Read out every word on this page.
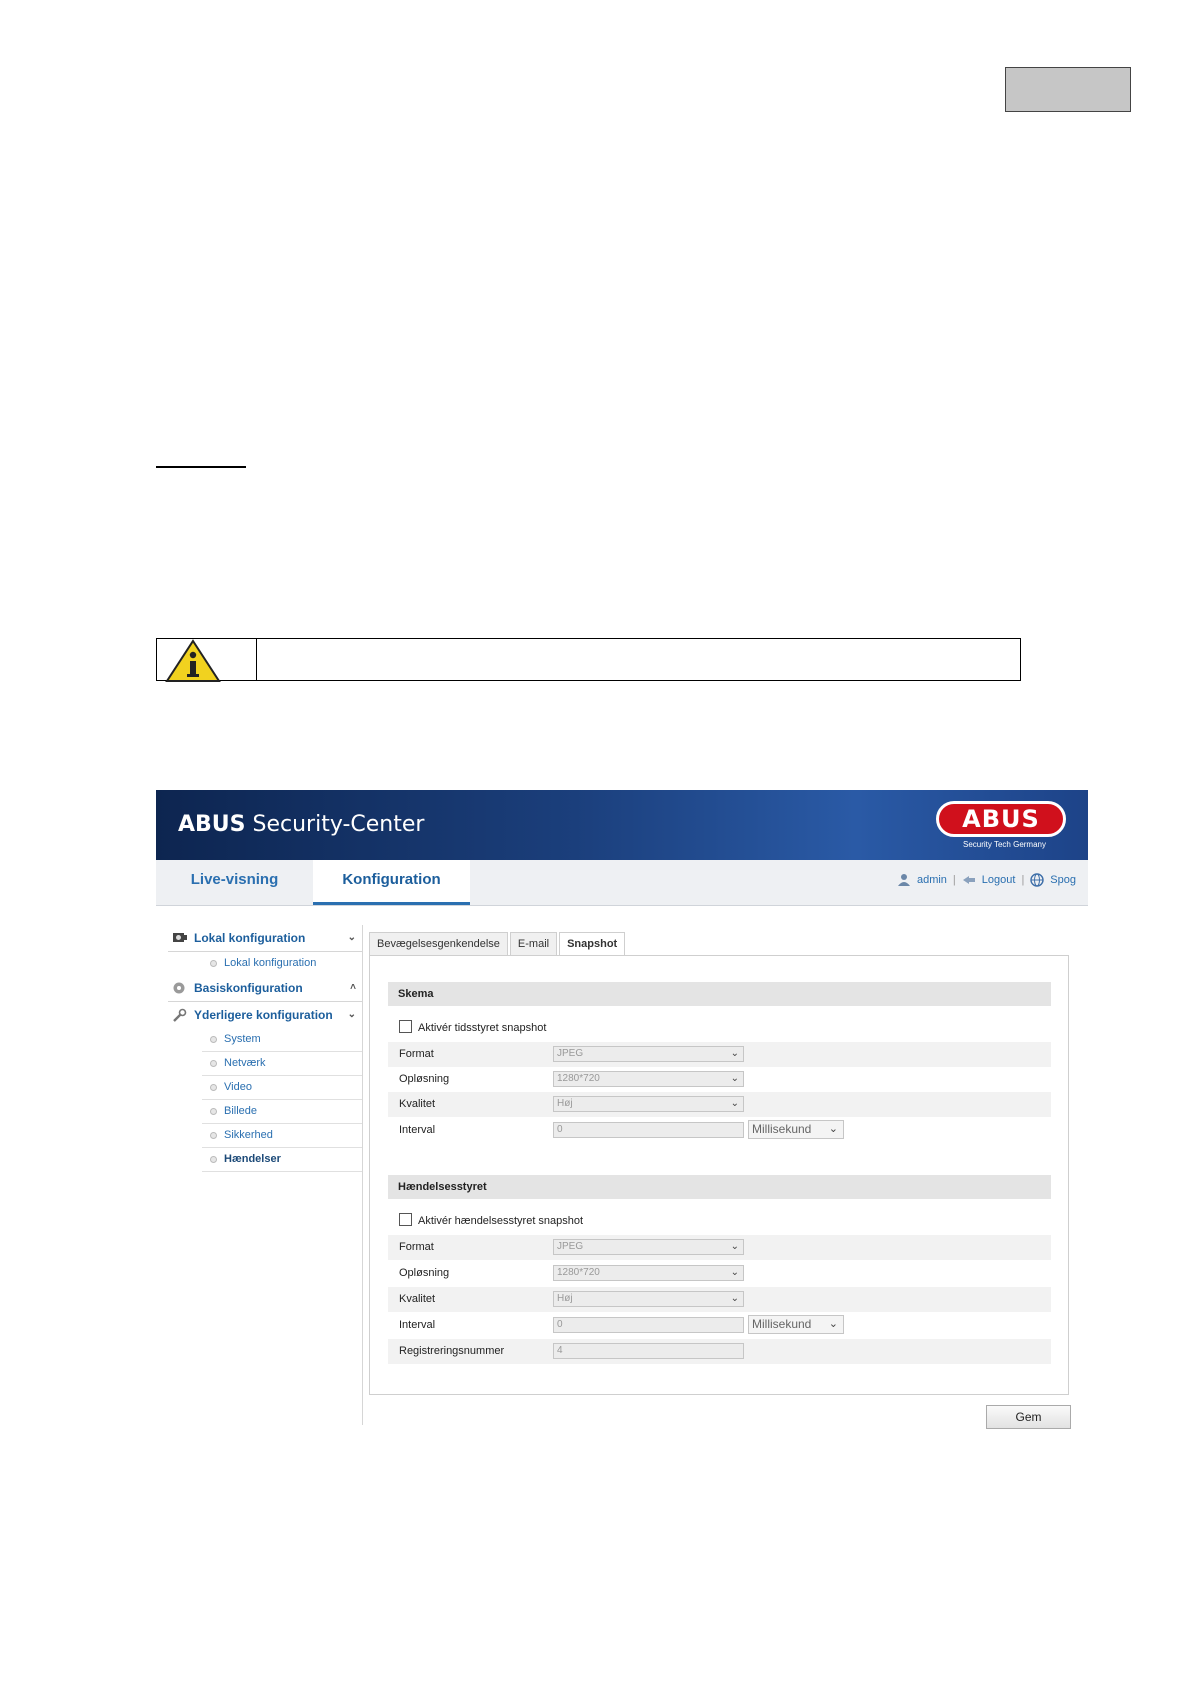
ABUS Security-Center	ABUS
Security Tech Germany
Live-visning	Konfiguration	admin | Logout | Spog
Lokal konfiguration	⌄
Lokal konfiguration
Basiskonfiguration	˄
Yderligere konfiguration ⌄
System
Netværk
Video
Billede
Sikkerhed
Hændelser
Bevægelsesgenkendelse	E-mail	Snapshot
Skema
Aktivér tidsstyret snapshot
Format	JPEG	⌄
Opløsning	1280*720	⌄
Kvalitet	Høj	⌄
Interval	0	Millisekund ⌄
Hændelsesstyret
Aktivér hændelsesstyret snapshot
Format	JPEG	⌄
Opløsning	1280*720	⌄
Kvalitet	Høj	⌄
Interval	0	Millisekund ⌄
Registreringsnummer	4
Gem
